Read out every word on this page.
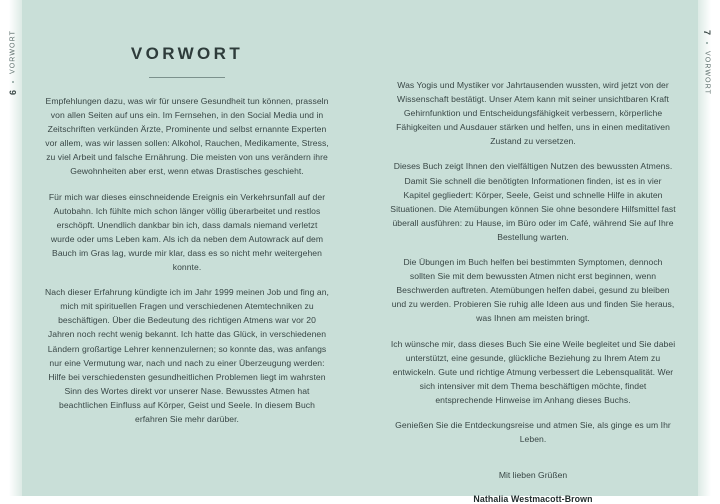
6
VORWORT	7
VORWORT
VORWORT

Empfehlungen dazu, was wir für unsere Gesundheit tun können, prasseln von allen Seiten auf uns ein. Im Fernsehen, in den Social Media und in Zeitschriften verkünden Ärzte, Prominente und selbst ernannte Experten vor allem, was wir lassen sollen: Alkohol, Rauchen, Medikamente, Stress, zu viel Arbeit und falsche Ernährung. Die meisten von uns verändern ihre Gewohnheiten aber erst, wenn etwas Drastisches geschieht.

Für mich war dieses einschneidende Ereignis ein Verkehrsunfall auf der Autobahn. Ich fühlte mich schon länger völlig überarbeitet und restlos erschöpft. Unendlich dankbar bin ich, dass damals niemand verletzt wurde oder ums Leben kam. Als ich da neben dem Autowrack auf dem Bauch im Gras lag, wurde mir klar, dass es so nicht mehr weitergehen konnte.

Nach dieser Erfahrung kündigte ich im Jahr 1999 meinen Job und fing an, mich mit spirituellen Fragen und verschiedenen Atemtechniken zu beschäftigen. Über die Bedeutung des richtigen Atmens war vor 20 Jahren noch recht wenig bekannt. Ich hatte das Glück, in verschiedenen Ländern großartige Lehrer kennenzulernen; so konnte das, was anfangs nur eine Vermutung war, nach und nach zu einer Überzeugung werden: Hilfe bei verschiedensten gesundheitlichen Problemen liegt im wahrsten Sinn des Wortes direkt vor unserer Nase. Bewusstes Atmen hat beachtlichen Einfluss auf Körper, Geist und Seele. In diesem Buch erfahren Sie mehr darüber.

Was Yogis und Mystiker vor Jahrtausenden wussten, wird jetzt von der Wissenschaft bestätigt. Unser Atem kann mit seiner unsichtbaren Kraft Gehirnfunktion und Entscheidungsfähigkeit verbessern, körperliche Fähigkeiten und Ausdauer stärken und helfen, uns in einen meditativen Zustand zu versetzen.

Dieses Buch zeigt Ihnen den vielfältigen Nutzen des bewussten Atmens. Damit Sie schnell die benötigten Informationen finden, ist es in vier Kapitel gegliedert: Körper, Seele, Geist und schnelle Hilfe in akuten Situationen. Die Atemübungen können Sie ohne besondere Hilfsmittel fast überall ausführen: zu Hause, im Büro oder im Café, während Sie auf Ihre Bestellung warten.

Die Übungen im Buch helfen bei bestimmten Symptomen, dennoch sollten Sie mit dem bewussten Atmen nicht erst beginnen, wenn Beschwerden auftreten. Atemübungen helfen dabei, gesund zu bleiben und zu werden. Probieren Sie ruhig alle Ideen aus und finden Sie heraus, was Ihnen am meisten bringt.

Ich wünsche mir, dass dieses Buch Sie eine Weile begleitet und Sie dabei unterstützt, eine gesunde, glückliche Beziehung zu Ihrem Atem zu entwickeln. Gute und richtige Atmung verbessert die Lebensqualität. Wer sich intensiver mit dem Thema beschäftigen möchte, findet entsprechende Hinweise im Anhang dieses Buchs.

Genießen Sie die Entdeckungsreise und atmen Sie, als ginge es um Ihr Leben.

Mit lieben Grüßen

Nathalia Westmacott-Brown
